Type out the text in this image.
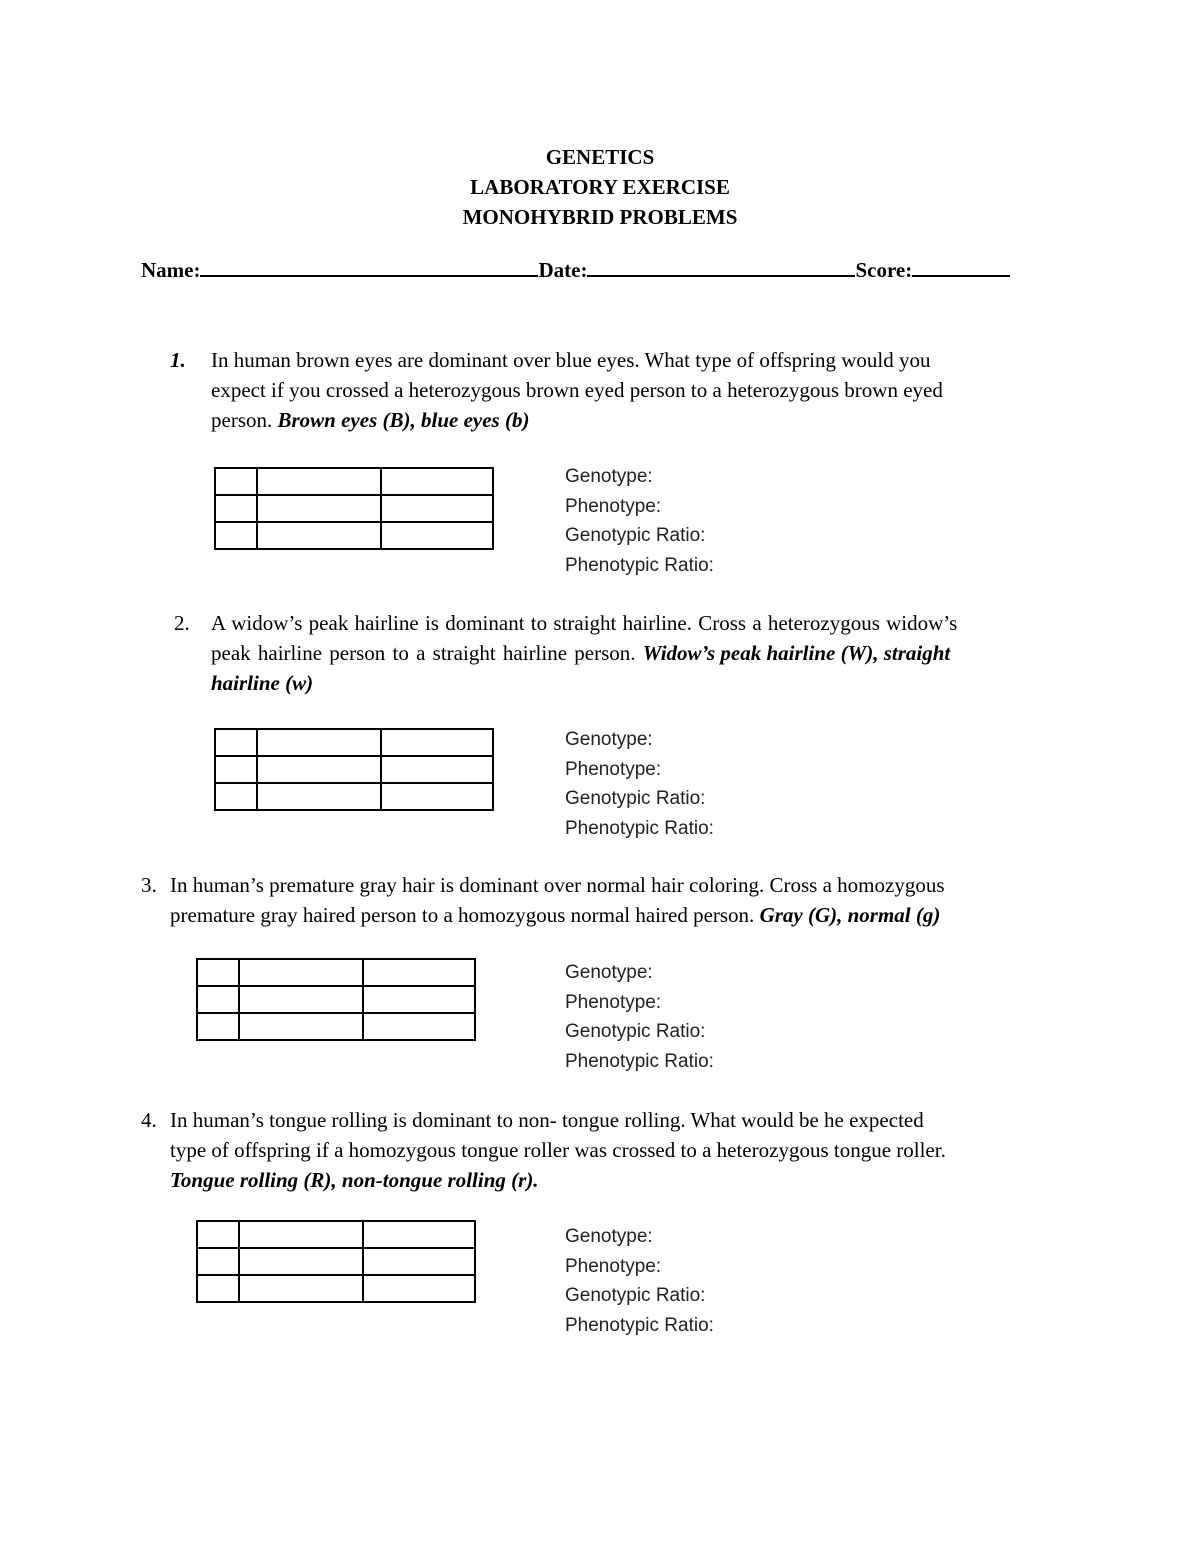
GENETICS
LABORATORY EXERCISE
MONOHYBRID PROBLEMS
Name:	Date:	Score:
1. In human brown eyes are dominant over blue eyes. What type of offspring would you
expect if you crossed a heterozygous brown eyed person to a heterozygous brown eyed
person. Brown eyes (B), blue eyes (b)

Genotype:
Phenotype:
Genotypic Ratio:
Phenotypic Ratio:
2. A widow’s peak hairline is dominant to straight hairline. Cross a heterozygous widow’s
peak hairline person to a straight hairline person. Widow’s peak hairline (W), straight
hairline (w)

Genotype:
Phenotype:
Genotypic Ratio:
Phenotypic Ratio:
3. In human’s premature gray hair is dominant over normal hair coloring. Cross a homozygous
premature gray haired person to a homozygous normal haired person. Gray (G), normal (g)

Genotype:
Phenotype:
Genotypic Ratio:
Phenotypic Ratio:
4. In human’s tongue rolling is dominant to non- tongue rolling. What would be he expected
type of offspring if a homozygous tongue roller was crossed to a heterozygous tongue roller.
Tongue rolling (R), non-tongue rolling (r).

Genotype:
Phenotype:
Genotypic Ratio:
Phenotypic Ratio:
